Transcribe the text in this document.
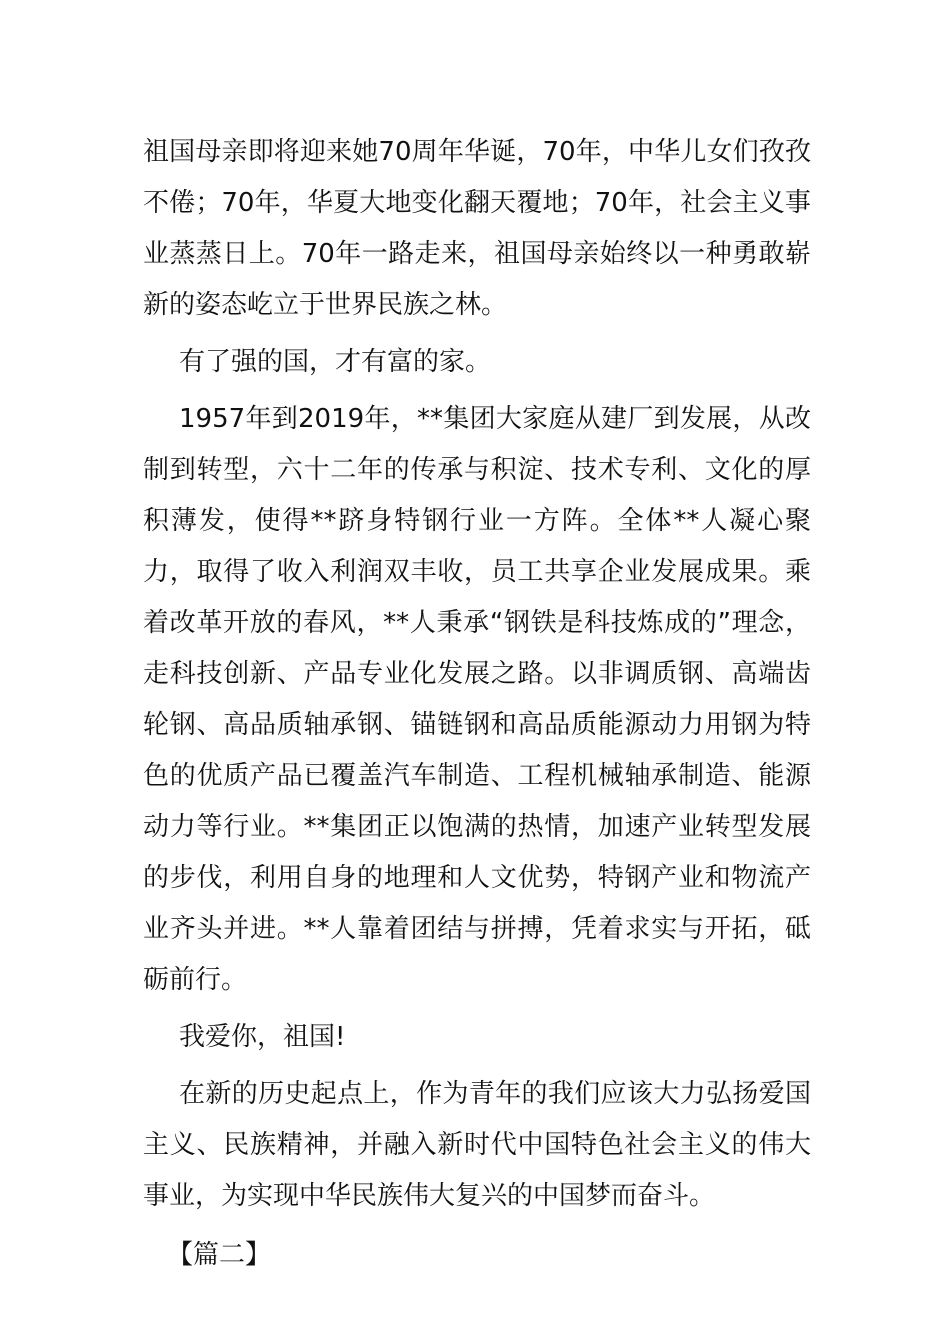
祖国母亲即将迎来她70周年华诞，70年，中华儿女们孜孜不倦；70年，华夏大地变化翻天覆地；70年，社会主义事业蒸蒸日上。70年一路走来，祖国母亲始终以一种勇敢崭新的姿态屹立于世界民族之林。

有了强的国，才有富的家。

1957年到2019年，**集团大家庭从建厂到发展，从改制到转型，六十二年的传承与积淀、技术专利、文化的厚积薄发，使得**跻身特钢行业一方阵。全体**人凝心聚力，取得了收入利润双丰收，员工共享企业发展成果。乘着改革开放的春风，**人秉承“钢铁是科技炼成的”理念，走科技创新、产品专业化发展之路。以非调质钢、高端齿轮钢、高品质轴承钢、锚链钢和高品质能源动力用钢为特色的优质产品已覆盖汽车制造、工程机械轴承制造、能源动力等行业。**集团正以饱满的热情，加速产业转型发展的步伐，利用自身的地理和人文优势，特钢产业和物流产业齐头并进。**人靠着团结与拼搏，凭着求实与开拓，砥砺前行。

我爱你，祖国!

在新的历史起点上，作为青年的我们应该大力弘扬爱国主义、民族精神，并融入新时代中国特色社会主义的伟大事业，为实现中华民族伟大复兴的中国梦而奋斗。

【篇二】
